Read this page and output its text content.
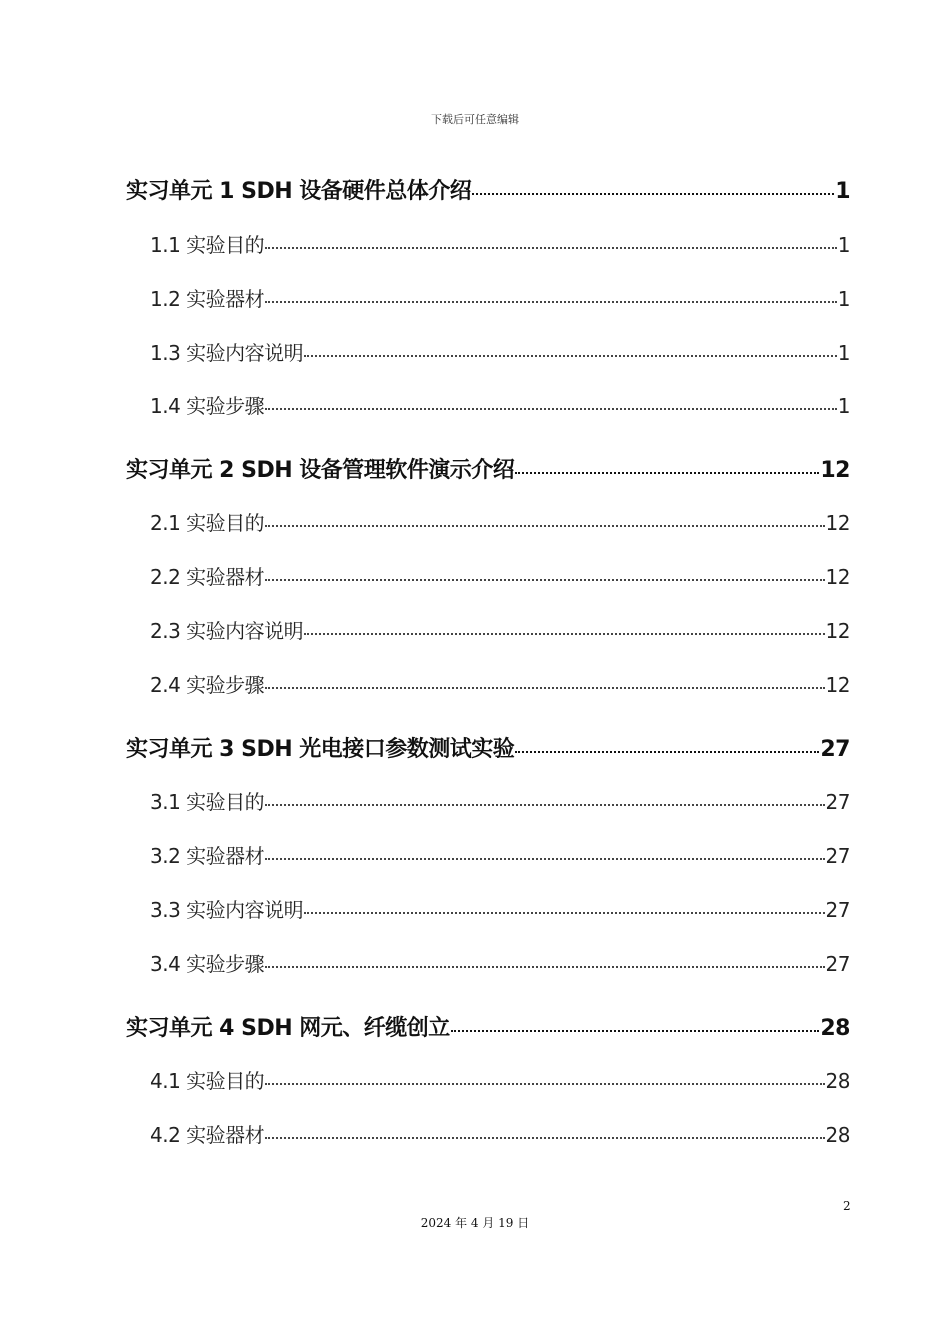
下载后可任意编辑
实习单元 1 SDH 设备硬件总体介绍	1
1.1 实验目的	1
1.2 实验器材	1
1.3 实验内容说明	1
1.4 实验步骤	1
实习单元 2 SDH 设备管理软件演示介绍	12
2.1 实验目的	12
2.2 实验器材	12
2.3 实验内容说明	12
2.4 实验步骤	12
实习单元 3 SDH 光电接口参数测试实验	27
3.1 实验目的	27
3.2 实验器材	27
3.3 实验内容说明	27
3.4 实验步骤	27
实习单元 4 SDH 网元、纤缆创立	28
4.1 实验目的	28
4.2 实验器材	28
2
2024 年 4 月 19 日
